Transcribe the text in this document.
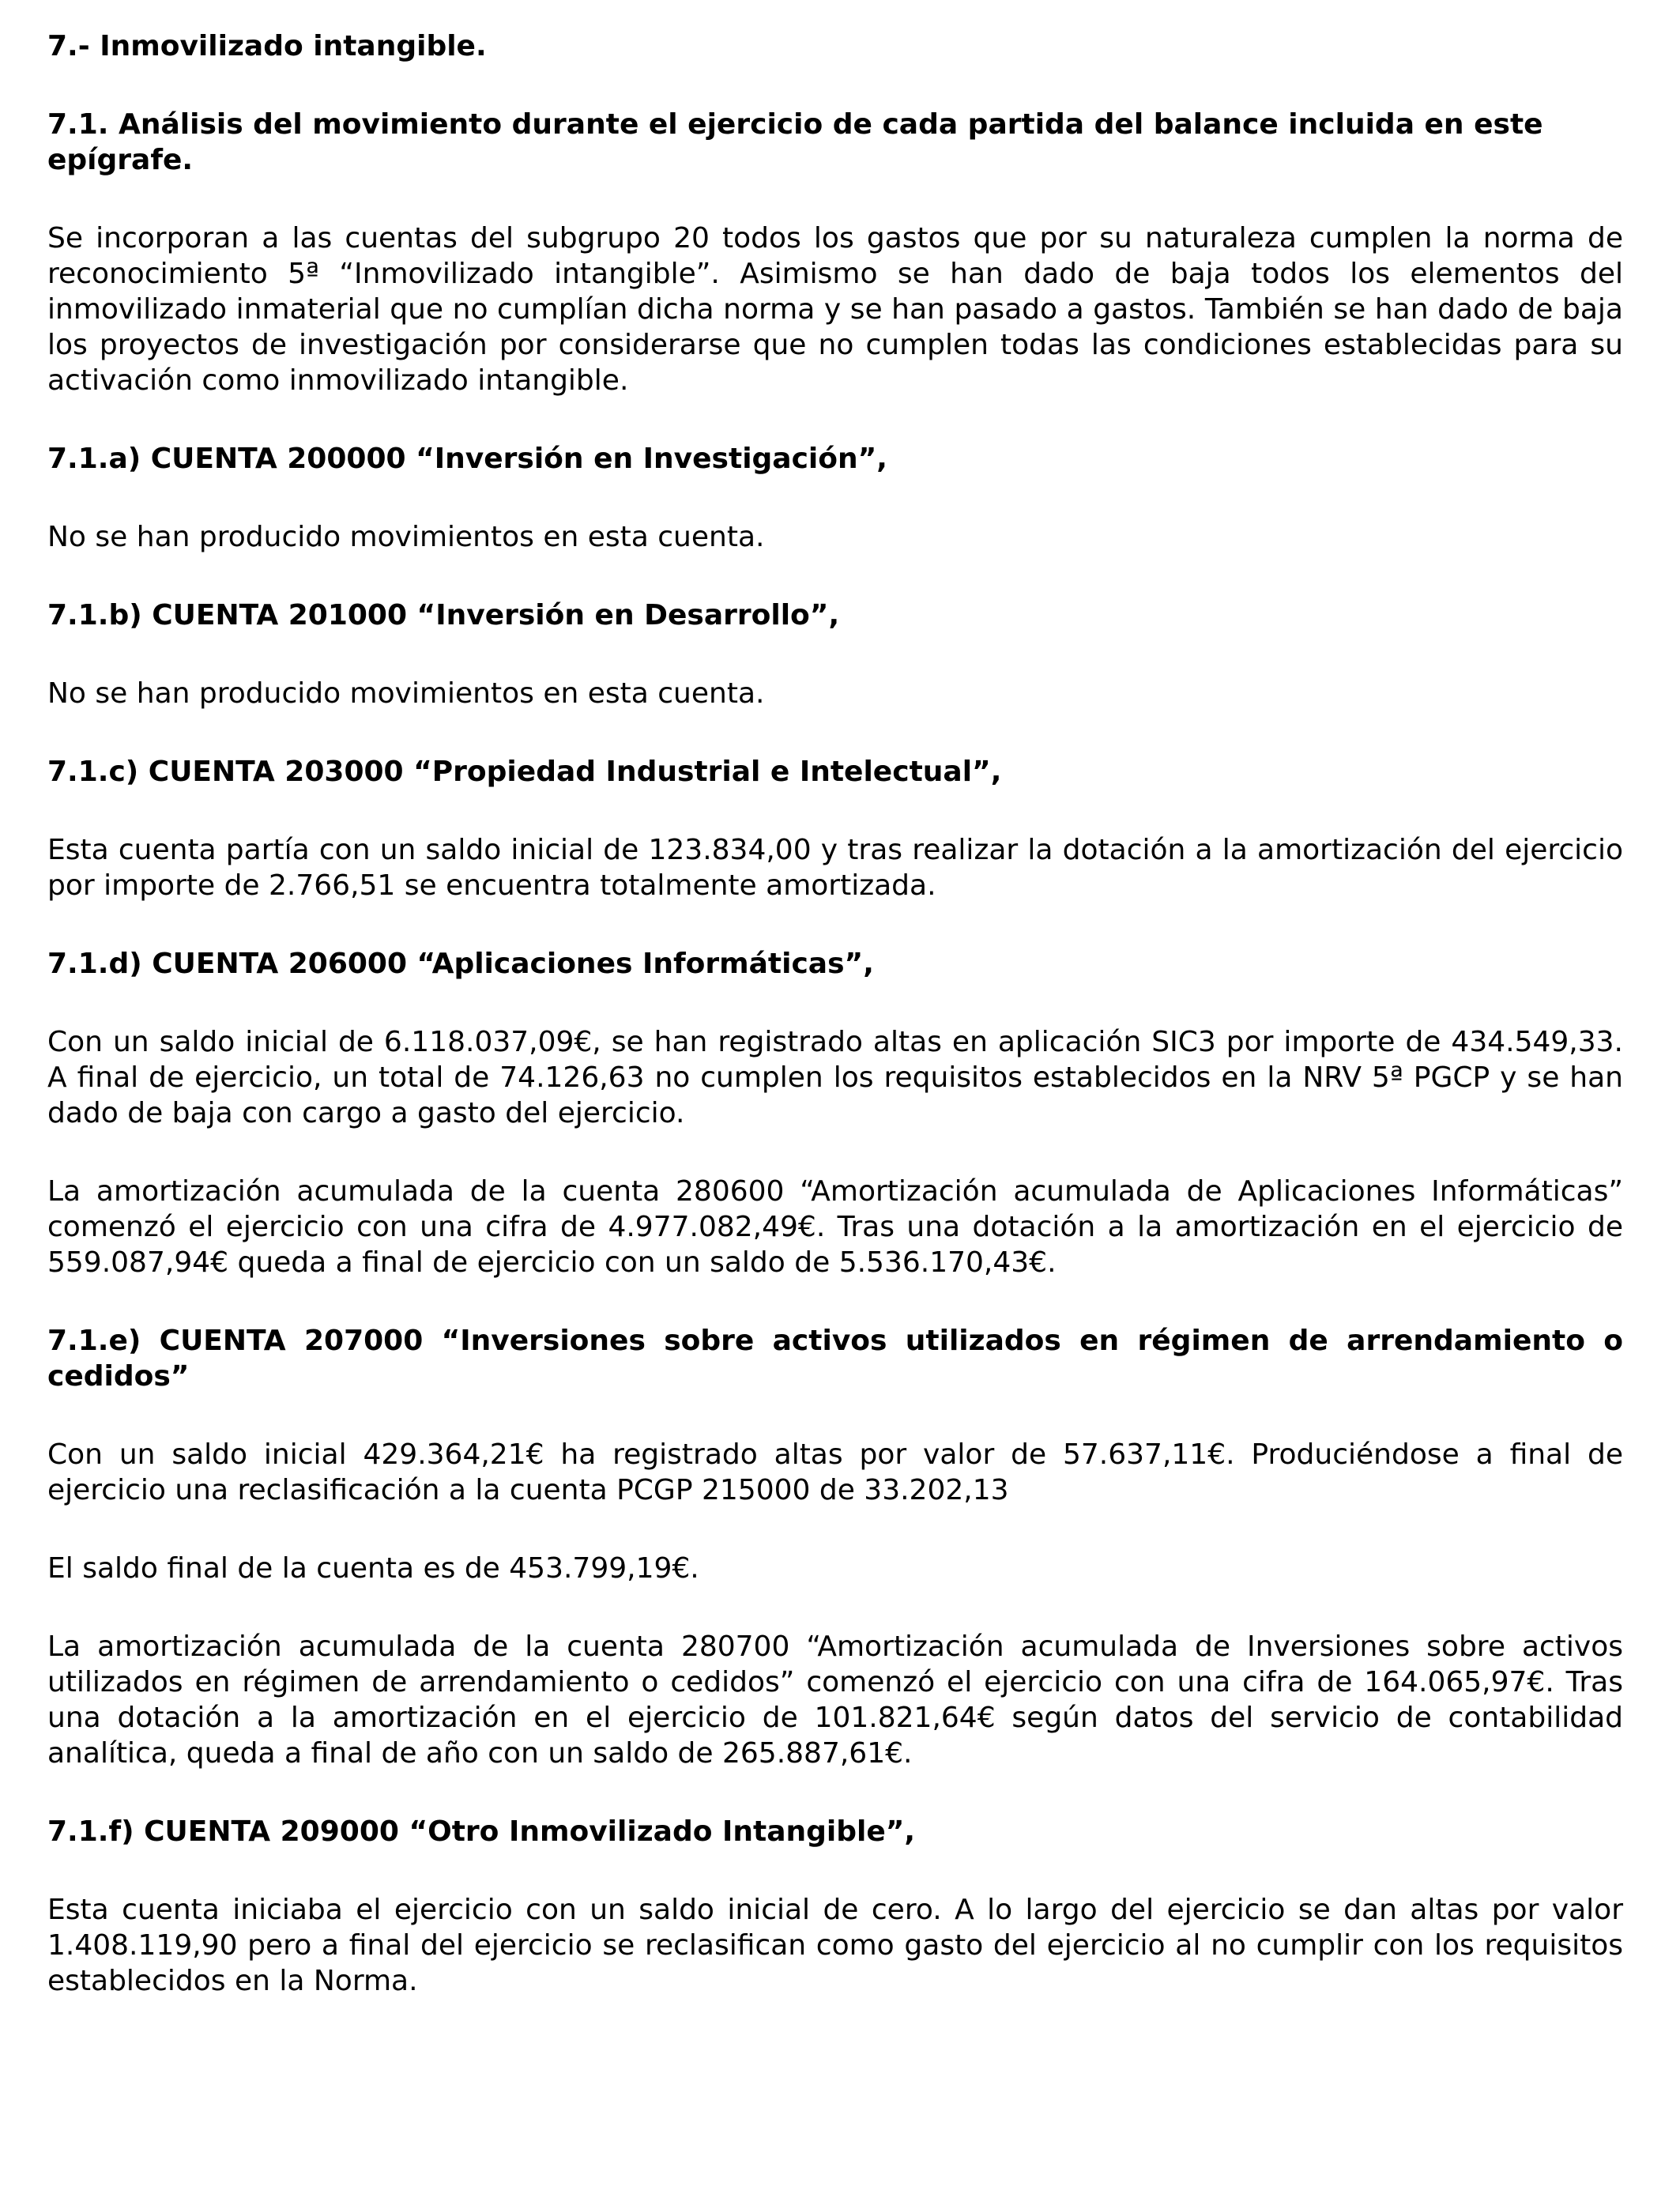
7.- Inmovilizado intangible.

7.1. Análisis del movimiento durante el ejercicio de cada partida del balance incluida en este epígrafe.

Se incorporan a las cuentas del subgrupo 20 todos los gastos que por su naturaleza cumplen la norma de reconocimiento 5ª “Inmovilizado intangible”. Asimismo se han dado de baja todos los elementos del inmovilizado inmaterial que no cumplían dicha norma y se han pasado a gastos. También se han dado de baja los proyectos de investigación por considerarse que no cumplen todas las condiciones establecidas para su activación como inmovilizado intangible.

7.1.a) CUENTA 200000 “Inversión en Investigación”,

No se han producido movimientos en esta cuenta.

7.1.b) CUENTA 201000 “Inversión en Desarrollo”,

No se han producido movimientos en esta cuenta.

7.1.c) CUENTA 203000 “Propiedad Industrial e Intelectual”,

Esta cuenta partía con un saldo inicial de 123.834,00 y tras realizar la dotación a la amortización del ejercicio por importe de 2.766,51 se encuentra totalmente amortizada.

7.1.d) CUENTA 206000 “Aplicaciones Informáticas”,

Con un saldo inicial de 6.118.037,09€, se han registrado altas en aplicación SIC3 por importe de 434.549,33. A final de ejercicio, un total de 74.126,63 no cumplen los requisitos establecidos en la NRV 5ª PGCP y se han dado de baja con cargo a gasto del ejercicio.

La amortización acumulada de la cuenta 280600 “Amortización acumulada de Aplicaciones Informáticas” comenzó el ejercicio con una cifra de 4.977.082,49€. Tras una dotación a la amortización en el ejercicio de 559.087,94€ queda a final de ejercicio con un saldo de 5.536.170,43€.

7.1.e) CUENTA 207000 “Inversiones sobre activos utilizados en régimen de arrendamiento o cedidos”

Con un saldo inicial 429.364,21€ ha registrado altas por valor de 57.637,11€. Produciéndose a final de ejercicio una reclasificación a la cuenta PCGP 215000 de 33.202,13

El saldo final de la cuenta es de 453.799,19€.

La amortización acumulada de la cuenta 280700 “Amortización acumulada de Inversiones sobre activos utilizados en régimen de arrendamiento o cedidos” comenzó el ejercicio con una cifra de 164.065,97€. Tras una dotación a la amortización en el ejercicio de 101.821,64€ según datos del servicio de contabilidad analítica, queda a final de año con un saldo de 265.887,61€.

7.1.f) CUENTA 209000 “Otro Inmovilizado Intangible”,

Esta cuenta iniciaba el ejercicio con un saldo inicial de cero. A lo largo del ejercicio se dan altas por valor 1.408.119,90 pero a final del ejercicio se reclasifican como gasto del ejercicio al no cumplir con los requisitos establecidos en la Norma.
